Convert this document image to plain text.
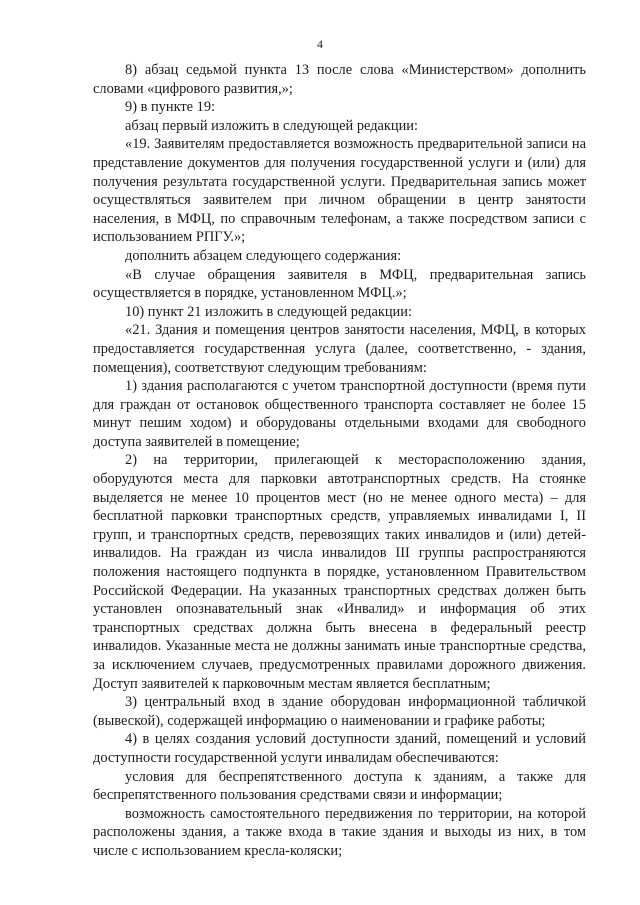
4

8) абзац седьмой пункта 13 после слова «Министерством» дополнить словами «цифрового развития,»;

9) в пункте 19:

абзац первый изложить в следующей редакции:

«19. Заявителям предоставляется возможность предварительной записи на представление документов для получения государственной услуги и (или) для получения результата государственной услуги. Предварительная запись может осуществляться заявителем при личном обращении в центр занятости населения, в МФЦ, по справочным телефонам, а также посредством записи с использованием РПГУ.»;

дополнить абзацем следующего содержания:

«В случае обращения заявителя в МФЦ, предварительная запись осуществляется в порядке, установленном МФЦ.»;

10) пункт 21 изложить в следующей редакции:

«21. Здания и помещения центров занятости населения, МФЦ, в которых предоставляется государственная услуга (далее, соответственно, - здания, помещения), соответствуют следующим требованиям:

1) здания располагаются с учетом транспортной доступности (время пути для граждан от остановок общественного транспорта составляет не более 15 минут пешим ходом) и оборудованы отдельными входами для свободного доступа заявителей в помещение;

2) на территории, прилегающей к месторасположению здания, оборудуются места для парковки автотранспортных средств. На стоянке выделяется не менее 10 процентов мест (но не менее одного места) – для бесплатной парковки транспортных средств, управляемых инвалидами I, II групп, и транспортных средств, перевозящих таких инвалидов и (или) детей-инвалидов. На граждан из числа инвалидов III группы распространяются положения настоящего подпункта в порядке, установленном Правительством Российской Федерации. На указанных транспортных средствах должен быть установлен опознавательный знак «Инвалид» и информация об этих транспортных средствах должна быть внесена в федеральный реестр инвалидов. Указанные места не должны занимать иные транспортные средства, за исключением случаев, предусмотренных правилами дорожного движения. Доступ заявителей к парковочным местам является бесплатным;

3) центральный вход в здание оборудован информационной табличкой (вывеской), содержащей информацию о наименовании и графике работы;

4) в целях создания условий доступности зданий, помещений и условий доступности государственной услуги инвалидам обеспечиваются:

условия для беспрепятственного доступа к зданиям, а также для беспрепятственного пользования средствами связи и информации;

возможность самостоятельного передвижения по территории, на которой расположены здания, а также входа в такие здания и выходы из них, в том числе с использованием кресла-коляски;
